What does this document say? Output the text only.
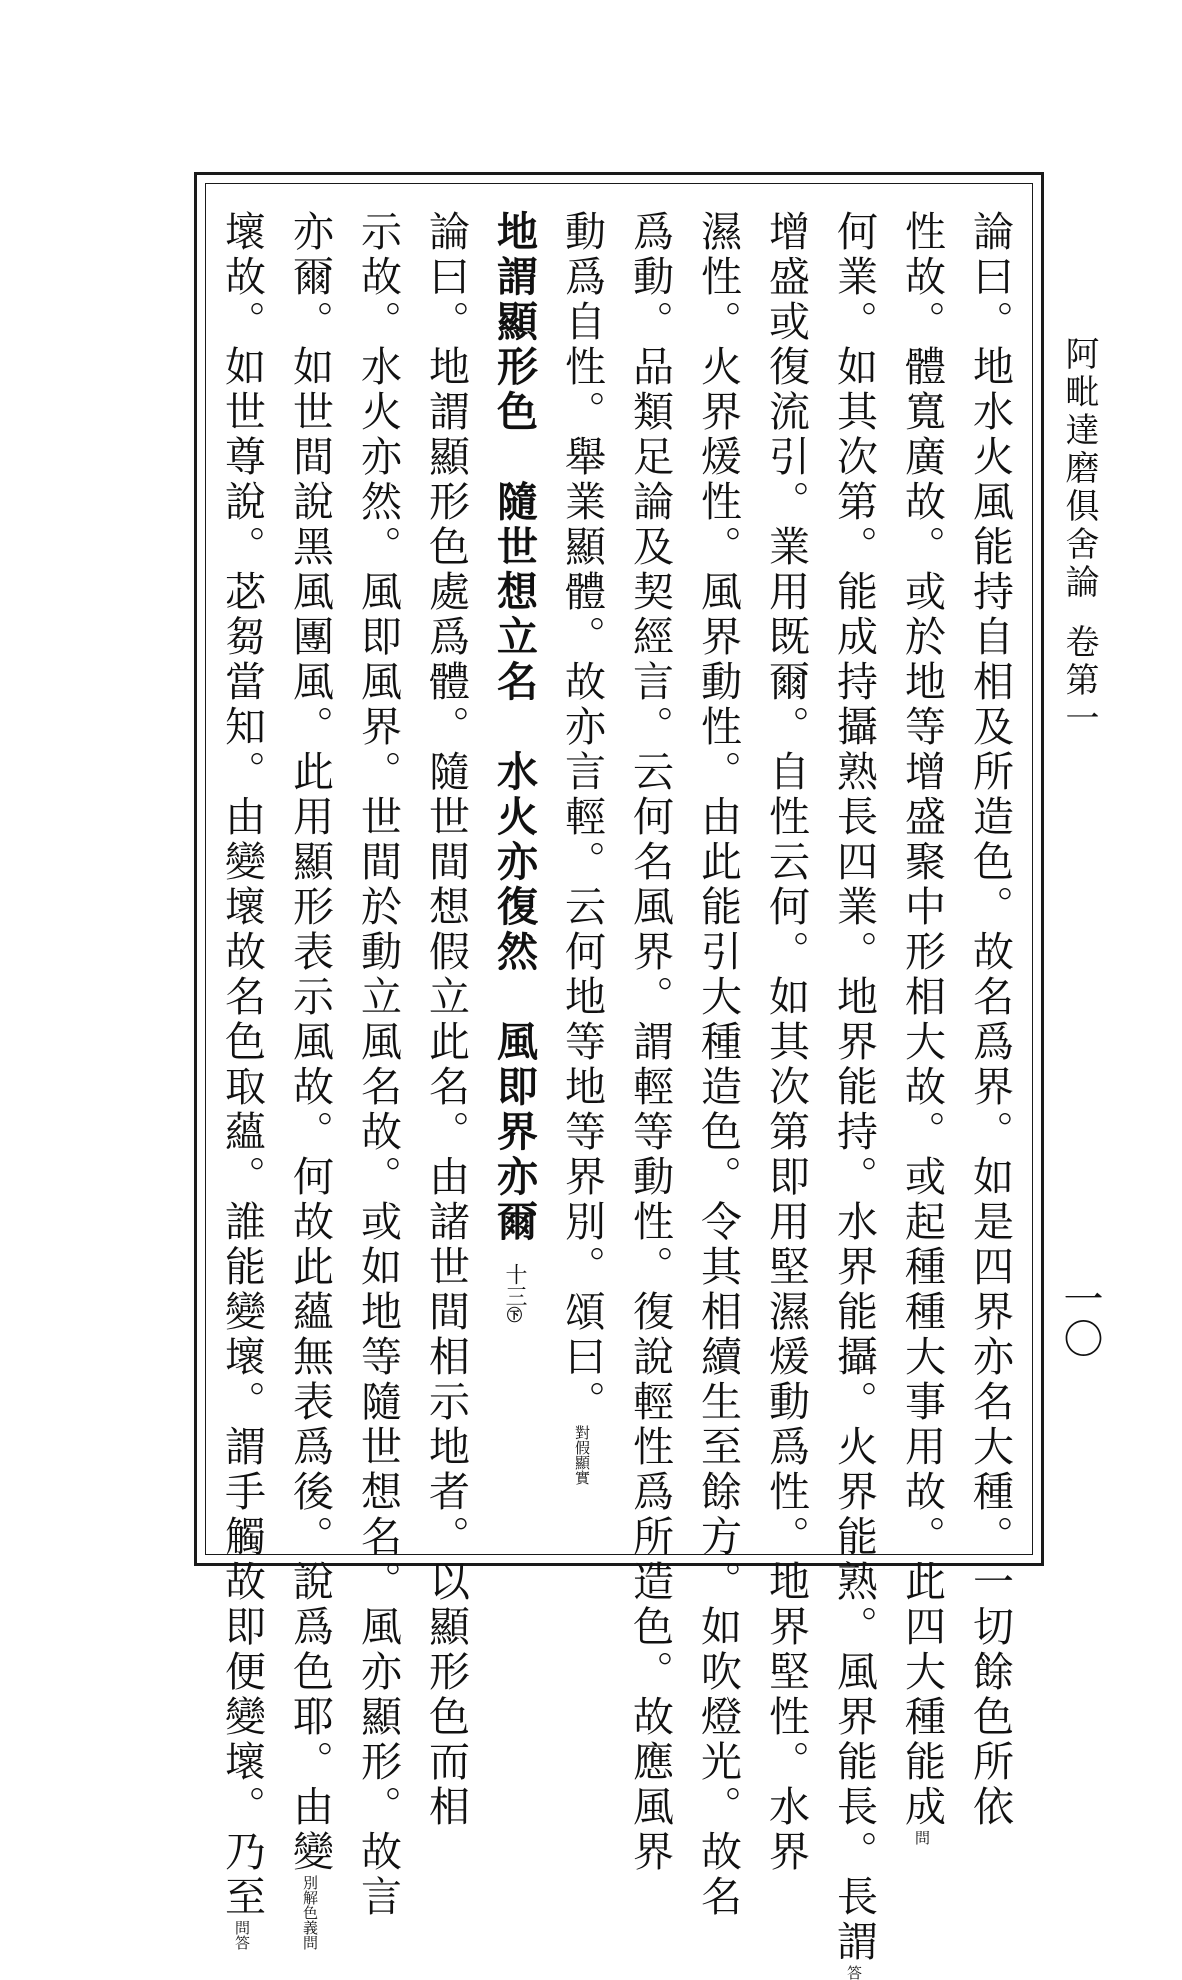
論曰。地水火風能持自相及所造色。故名爲界。如是四界亦名大種。一切餘色所依
性故。體寬廣故。或於地等增盛聚中形相大故。或起種種大事用故。此四大種能成問
何業。如其次第。能成持攝熟長四業。地界能持。水界能攝。火界能熟。風界能長。長謂答
增盛或復流引。業用既爾。自性云何。如其次第即用堅濕煖動爲性。地界堅性。水界
濕性。火界煖性。風界動性。由此能引大種造色。令其相續生至餘方。如吹燈光。故名
爲動。品類足論及契經言。云何名風界。謂輕等動性。復說輕性爲所造色。故應風界
動爲自性。舉業顯體。故亦言輕。云何地等地等界別。頌曰。對假顯實
地謂顯形色　隨世想立名　水火亦復然　風即界亦爾 十三㊦
論曰。地謂顯形色處爲體。隨世間想假立此名。由諸世間相示地者。以顯形色而相
示故。水火亦然。風即風界。世間於動立風名故。或如地等隨世想名。風亦顯形。故言
亦爾。如世間說黑風團風。此用顯形表示風故。何故此蘊無表爲後。說爲色耶。由變別解色義問
壞故。如世尊說。苾芻當知。由變壞故名色取蘊。誰能變壞。謂手觸故即便變壞。乃至問答
阿毗達磨俱舍論卷第一
一〇
